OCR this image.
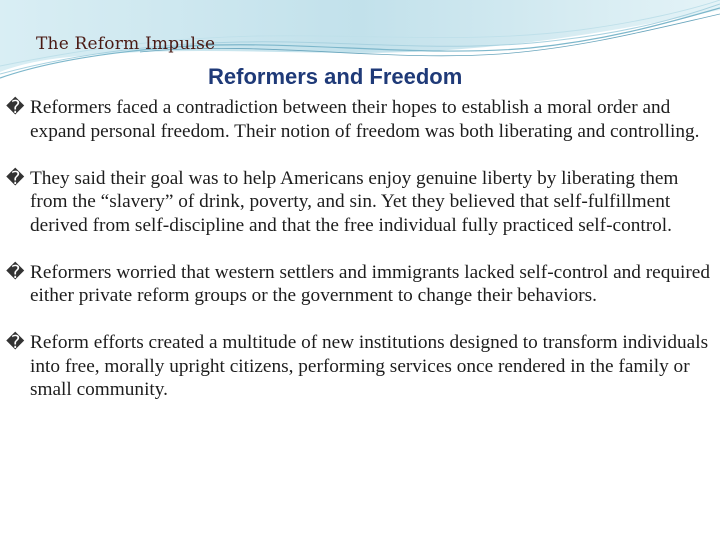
The Reform Impulse
Reformers and Freedom
� Reformers faced a contradiction between their hopes to establish a moral order and expand personal freedom. Their notion of freedom was both liberating and controlling.
� They said their goal was to help Americans enjoy genuine liberty by liberating them from the “slavery” of drink, poverty, and sin. Yet they believed that self-fulfillment derived from self-discipline and that the free individual fully practiced self-control.
� Reformers worried that western settlers and immigrants lacked self-control and required either private reform groups or the government to change their behaviors.
� Reform efforts created a multitude of new institutions designed to transform individuals into free, morally upright citizens, performing services once rendered in the family or small community.
